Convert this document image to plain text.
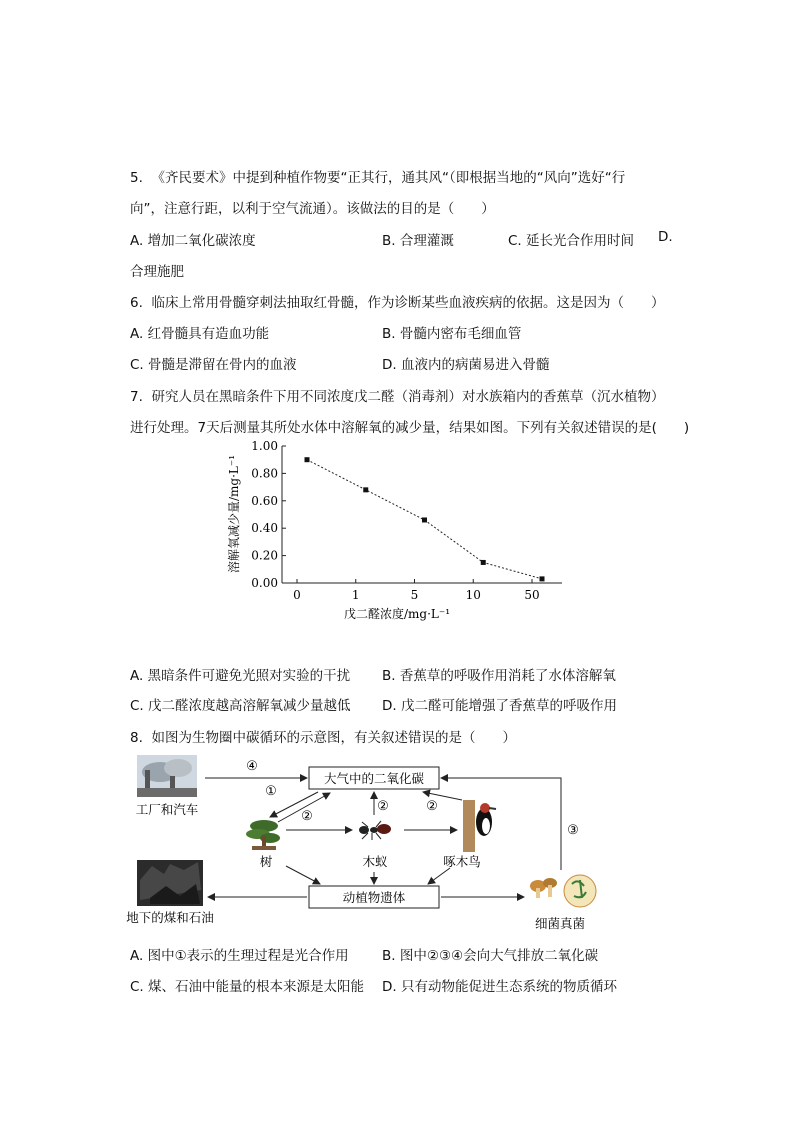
5. 《齐民要术》中提到种植作物要“正其行，通其风“（即根据当地的“风向”选好“行
向”，注意行距，以利于空气流通）。该做法的目的是（　　）
A. 增加二氧化碳浓度	B. 合理灌溉	C. 延长光合作用时间 D.
合理施肥
6. 临床上常用骨髓穿刺法抽取红骨髓，作为诊断某些血液疾病的依据。这是因为（　　）
A. 红骨髓具有造血功能	B. 骨髓内密布毛细血管
C. 骨髓是滞留在骨内的血液	D. 血液内的病菌易进入骨髓
7. 研究人员在黑暗条件下用不同浓度戊二醛（消毒剂）对水族箱内的香蕉草（沉水植物）
进行处理。7天后测量其所处水体中溶解氧的减少量，结果如图。下列有关叙述错误的是(　　)
0.00
0.20
0.40
0.60
0.80
1.00
0	1	5	10	50
戊二醛浓度/mg·L⁻¹
溶解氧减少量/mg·L⁻¹
A. 黑暗条件可避免光照对实验的干扰 B. 香蕉草的呼吸作用消耗了水体溶解氧
C. 戊二醛浓度越高溶解氧减少量越低 D. 戊二醛可能增强了香蕉草的呼吸作用
8. 如图为生物圈中碳循环的示意图，有关叙述错误的是（　　）
大气中的二氧化碳
动植物遗体
工厂和汽车
树	木蚁	啄木鸟
地下的煤和石油	细菌真菌
④
①
②
②	②
③
A. 图中①表示的生理过程是光合作用 B. 图中②③④会向大气排放二氧化碳
C. 煤、石油中能量的根本来源是太阳能 D. 只有动物能促进生态系统的物质循环
